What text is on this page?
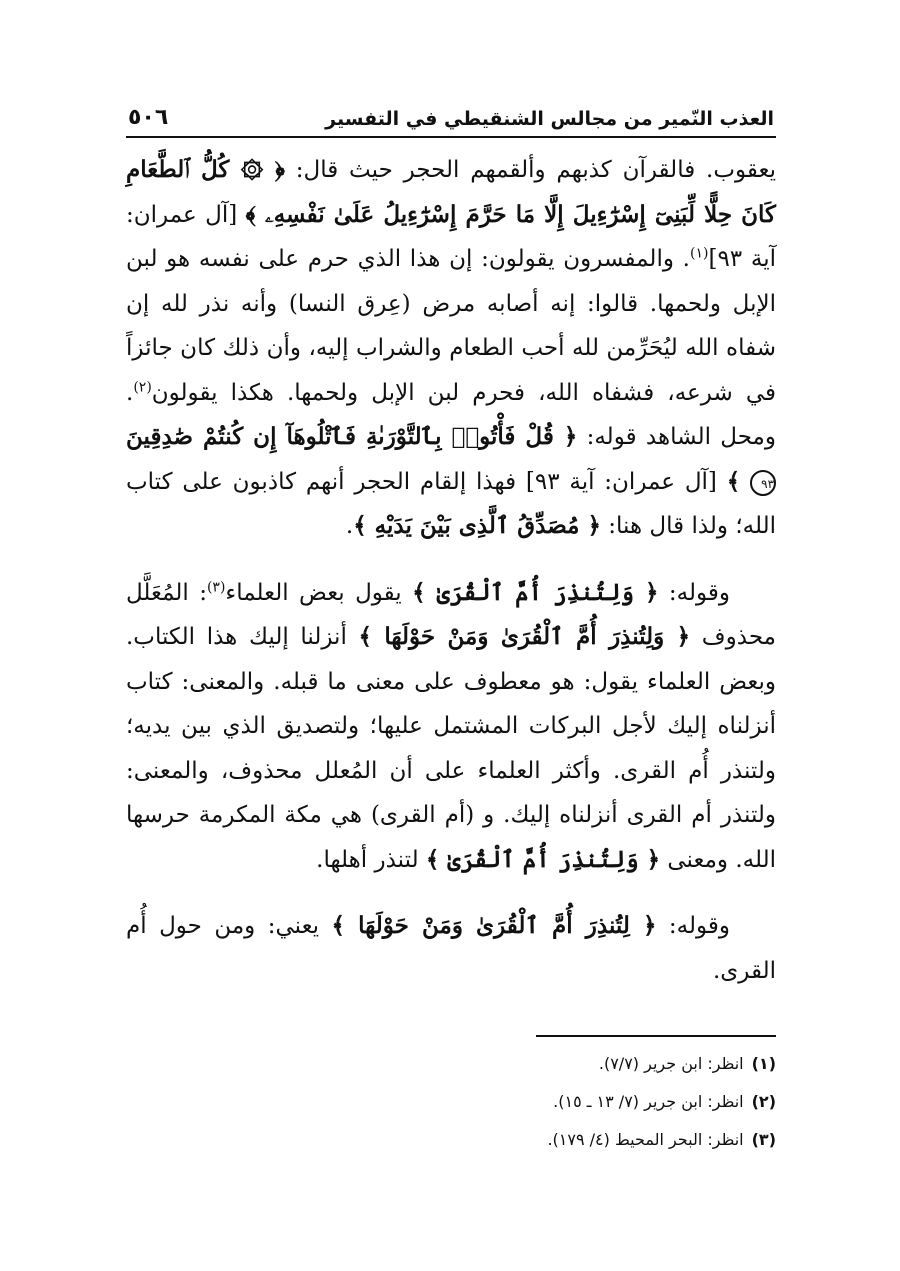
العذب النّمير من مجالس الشنقيطي في التفسير
٥٠٦

يعقوب. فالقرآن كذبهم وألقمهم الحجر حيث قال: ﴿ ۞ كُلُّ ٱلطَّعَامِ كَانَ حِلًّا لِّبَنِىٓ إِسْرَٰٓءِيلَ إِلَّا مَا حَرَّمَ إِسْرَٰٓءِيلُ عَلَىٰ نَفْسِهِۦ ﴾ [آل عمران: آية ٩٣]$^{(١)}$. والمفسرون يقولون: إن هذا الذي حرم على نفسه هو لبن الإبل ولحمها. قالوا: إنه أصابه مرض (عِرق النسا) وأنه نذر لله إن شفاه الله ليُحَرِّمن لله أحب الطعام والشراب إليه، وأن ذلك كان جائزاً في شرعه، فشفاه الله، فحرم لبن الإبل ولحمها. هكذا يقولون$^{(٢)}$. ومحل الشاهد قوله: ﴿ قُلْ فَأْتُوا۟ بِٱلتَّوْرَىٰةِ فَٱتْلُوهَآ إِن كُنتُمْ صَٰدِقِينَ ٩٣ ﴾ [آل عمران: آية ٩٣] فهذا إلقام الحجر أنهم كاذبون على كتاب الله؛ ولذا قال هنا: ﴿ مُصَدِّقُ ٱلَّذِى بَيْنَ يَدَيْهِ ﴾.

وقوله: ﴿ وَلِتُنذِرَ أُمَّ ٱلْقُرَىٰ ﴾ يقول بعض العلماء$^{(٣)}$: المُعَلَّل محذوف ﴿ وَلِتُنذِرَ أُمَّ ٱلْقُرَىٰ وَمَنْ حَوْلَهَا ﴾ أنزلنا إليك هذا الكتاب. وبعض العلماء يقول: هو معطوف على معنى ما قبله. والمعنى: كتاب أنزلناه إليك لأجل البركات المشتمل عليها؛ ولتصديق الذي بين يديه؛ ولتنذر أُم القرى. وأكثر العلماء على أن المُعلل محذوف، والمعنى: ولتنذر أم القرى أنزلناه إليك. و (أم القرى) هي مكة المكرمة حرسها الله. ومعنى ﴿ وَلِتُنذِرَ أُمَّ ٱلْقُرَىٰ ﴾ لتنذر أهلها.

وقوله: ﴿ لِتُنذِرَ أُمَّ ٱلْقُرَىٰ وَمَنْ حَوْلَهَا ﴾ يعني: ومن حول أُم القرى.

(١)انظر: ابن جرير (٧/٧).
(٢)انظر: ابن جرير (٧/ ١٣ ـ ١٥).
(٣)انظر: البحر المحيط (٤/ ١٧٩).
